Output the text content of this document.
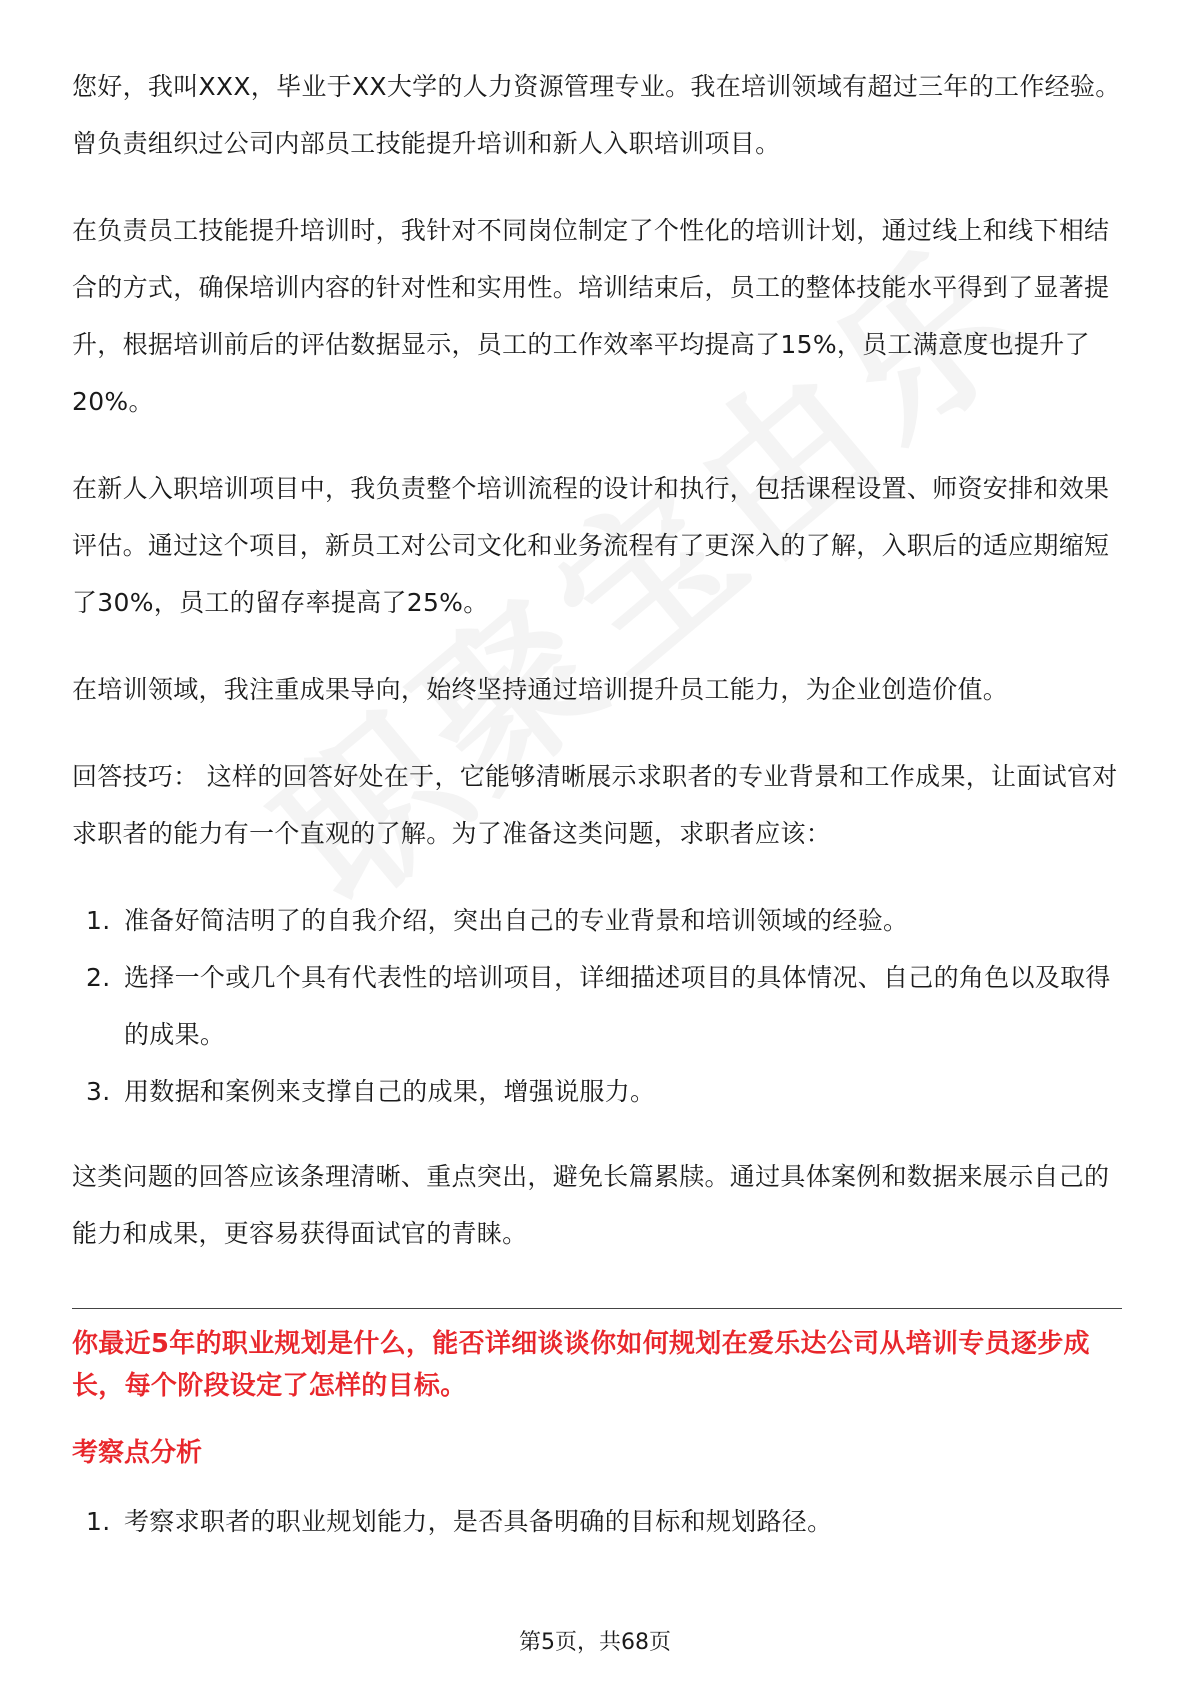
您好，我叫XXX，毕业于XX大学的人力资源管理专业。我在培训领域有超过三年的工作经验。曾负责组织过公司内部员工技能提升培训和新人入职培训项目。

在负责员工技能提升培训时，我针对不同岗位制定了个性化的培训计划，通过线上和线下相结合的方式，确保培训内容的针对性和实用性。培训结束后，员工的整体技能水平得到了显著提升，根据培训前后的评估数据显示，员工的工作效率平均提高了15%，员工满意度也提升了20%。

在新人入职培训项目中，我负责整个培训流程的设计和执行，包括课程设置、师资安排和效果评估。通过这个项目，新员工对公司文化和业务流程有了更深入的了解，入职后的适应期缩短了30%，员工的留存率提高了25%。

在培训领域，我注重成果导向，始终坚持通过培训提升员工能力，为企业创造价值。

回答技巧： 这样的回答好处在于，它能够清晰展示求职者的专业背景和工作成果，让面试官对求职者的能力有一个直观的了解。为了准备这类问题，求职者应该：

1. 准备好简洁明了的自我介绍，突出自己的专业背景和培训领域的经验。
2. 选择一个或几个具有代表性的培训项目，详细描述项目的具体情况、自己的角色以及取得的成果。
3. 用数据和案例来支撑自己的成果，增强说服力。

这类问题的回答应该条理清晰、重点突出，避免长篇累牍。通过具体案例和数据来展示自己的能力和成果，更容易获得面试官的青睐。

你最近5年的职业规划是什么，能否详细谈谈你如何规划在爱乐达公司从培训专员逐步成长，每个阶段设定了怎样的目标。

考察点分析
1. 考察求职者的职业规划能力，是否具备明确的目标和规划路径。
第5页，共68页
